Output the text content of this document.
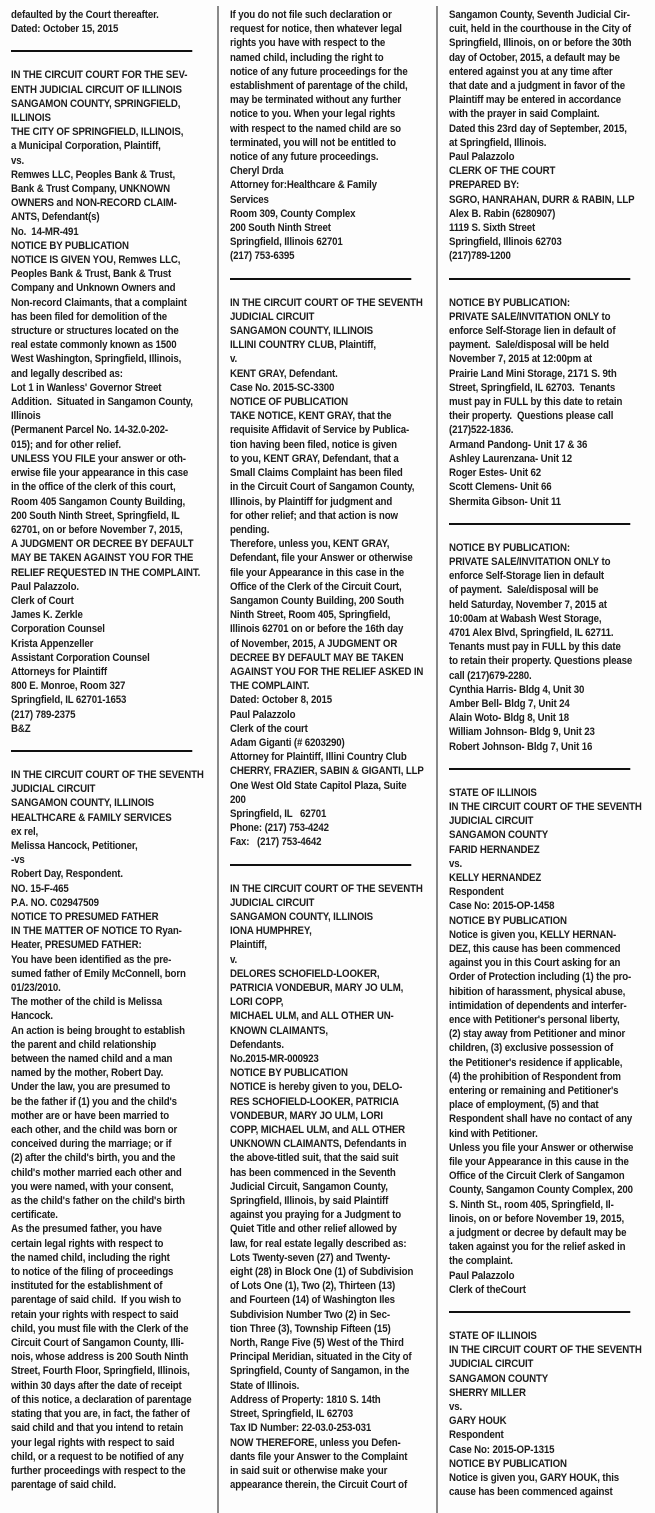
defaulted by the Court thereafter.
Dated: October 15, 2015
IN THE CIRCUIT COURT FOR THE SEV-
ENTH JUDICIAL CIRCUIT OF ILLINOIS
SANGAMON COUNTY, SPRINGFIELD,
ILLINOIS
THE CITY OF SPRINGFIELD, ILLINOIS,
a Municipal Corporation, Plaintiff,
vs.
Remwes LLC, Peoples Bank & Trust,
Bank & Trust Company, UNKNOWN
OWNERS and NON-RECORD CLAIM-
ANTS, Defendant(s)
No.  14-MR-491
NOTICE BY PUBLICATION
NOTICE IS GIVEN YOU, Remwes LLC,
Peoples Bank & Trust, Bank & Trust
Company and Unknown Owners and
Non-record Claimants, that a complaint
has been filed for demolition of the
structure or structures located on the
real estate commonly known as 1500
West Washington, Springfield, Illinois,
and legally described as:
Lot 1 in Wanless' Governor Street
Addition.  Situated in Sangamon County,
Illinois
(Permanent Parcel No. 14-32.0-202-
015); and for other relief.
UNLESS YOU FILE your answer or oth-
erwise file your appearance in this case
in the office of the clerk of this court,
Room 405 Sangamon County Building,
200 South Ninth Street, Springfield, IL
62701, on or before November 7, 2015,
A JUDGMENT OR DECREE BY DEFAULT
MAY BE TAKEN AGAINST YOU FOR THE
RELIEF REQUESTED IN THE COMPLAINT.
Paul Palazzolo.
Clerk of Court
James K. Zerkle
Corporation Counsel
Krista Appenzeller
Assistant Corporation Counsel
Attorneys for Plaintiff
800 E. Monroe, Room 327
Springfield, IL 62701-1653
(217) 789-2375
B&Z
IN THE CIRCUIT COURT OF THE SEVENTH
JUDICIAL CIRCUIT
SANGAMON COUNTY, ILLINOIS
HEALTHCARE & FAMILY SERVICES
ex rel,
Melissa Hancock, Petitioner,
-vs
Robert Day, Respondent.
NO. 15-F-465
P.A. NO. C02947509
NOTICE TO PRESUMED FATHER
IN THE MATTER OF NOTICE TO Ryan-
Heater, PRESUMED FATHER:
You have been identified as the pre-
sumed father of Emily McConnell, born
01/23/2010.
The mother of the child is Melissa
Hancock.
An action is being brought to establish
the parent and child relationship
between the named child and a man
named by the mother, Robert Day.
Under the law, you are presumed to
be the father if (1) you and the child's
mother are or have been married to
each other, and the child was born or
conceived during the marriage; or if
(2) after the child's birth, you and the
child's mother married each other and
you were named, with your consent,
as the child's father on the child's birth
certificate.
As the presumed father, you have
certain legal rights with respect to
the named child, including the right
to notice of the filing of proceedings
instituted for the establishment of
parentage of said child.  If you wish to
retain your rights with respect to said
child, you must file with the Clerk of the
Circuit Court of Sangamon County, Illi-
nois, whose address is 200 South Ninth
Street, Fourth Floor, Springfield, Illinois,
within 30 days after the date of receipt
of this notice, a declaration of parentage
stating that you are, in fact, the father of
said child and that you intend to retain
your legal rights with respect to said
child, or a request to be notified of any
further proceedings with respect to the
parentage of said child.
If you do not file such declaration or
request for notice, then whatever legal
rights you have with respect to the
named child, including the right to
notice of any future proceedings for the
establishment of parentage of the child,
may be terminated without any further
notice to you. When your legal rights
with respect to the named child are so
terminated, you will not be entitled to
notice of any future proceedings.
Cheryl Drda
Attorney for:Healthcare & Family
Services
Room 309, County Complex
200 South Ninth Street
Springfield, Illinois 62701
(217) 753-6395
IN THE CIRCUIT COURT OF THE SEVENTH
JUDICIAL CIRCUIT
SANGAMON COUNTY, ILLINOIS
ILLINI COUNTRY CLUB, Plaintiff,
v.
KENT GRAY, Defendant.
Case No. 2015-SC-3300
NOTICE OF PUBLICATION
TAKE NOTICE, KENT GRAY, that the
requisite Affidavit of Service by Publica-
tion having been filed, notice is given
to you, KENT GRAY, Defendant, that a
Small Claims Complaint has been filed
in the Circuit Court of Sangamon County,
Illinois, by Plaintiff for judgment and
for other relief; and that action is now
pending.
Therefore, unless you, KENT GRAY,
Defendant, file your Answer or otherwise
file your Appearance in this case in the
Office of the Clerk of the Circuit Court,
Sangamon County Building, 200 South
Ninth Street, Room 405, Springfield,
Illinois 62701 on or before the 16th day
of November, 2015, A JUDGMENT OR
DECREE BY DEFAULT MAY BE TAKEN
AGAINST YOU FOR THE RELIEF ASKED IN
THE COMPLAINT.
Dated: October 8, 2015
Paul Palazzolo
Clerk of the court
Adam Giganti (# 6203290)
Attorney for Plaintiff, Illini Country Club
CHERRY, FRAZIER, SABIN & GIGANTI, LLP
One West Old State Capitol Plaza, Suite
200
Springfield, IL   62701
Phone: (217) 753-4242
Fax:   (217) 753-4642
IN THE CIRCUIT COURT OF THE SEVENTH
JUDICIAL CIRCUIT
SANGAMON COUNTY, ILLINOIS
IONA HUMPHREY,
Plaintiff,
v.
DELORES SCHOFIELD-LOOKER,
PATRICIA VONDEBUR, MARY JO ULM,
LORI COPP,
MICHAEL ULM, and ALL OTHER UN-
KNOWN CLAIMANTS,
Defendants.
No.2015-MR-000923
NOTICE BY PUBLICATION
NOTICE is hereby given to you, DELO-
RES SCHOFIELD-LOOKER, PATRICIA
VONDEBUR, MARY JO ULM, LORI
COPP, MICHAEL ULM, and ALL OTHER
UNKNOWN CLAIMANTS, Defendants in
the above-titled suit, that the said suit
has been commenced in the Seventh
Judicial Circuit, Sangamon County,
Springfield, Illinois, by said Plaintiff
against you praying for a Judgment to
Quiet Title and other relief allowed by
law, for real estate legally described as:
Lots Twenty-seven (27) and Twenty-
eight (28) in Block One (1) of Subdivision
of Lots One (1), Two (2), Thirteen (13)
and Fourteen (14) of Washington Iles
Subdivision Number Two (2) in Sec-
tion Three (3), Township Fifteen (15)
North, Range Five (5) West of the Third
Principal Meridian, situated in the City of
Springfield, County of Sangamon, in the
State of Illinois.
Address of Property: 1810 S. 14th
Street, Springfield, IL 62703
Tax ID Number: 22-03.0-253-031
NOW THEREFORE, unless you Defen-
dants file your Answer to the Complaint
in said suit or otherwise make your
appearance therein, the Circuit Court of
Sangamon County, Seventh Judicial Cir-
cuit, held in the courthouse in the City of
Springfield, Illinois, on or before the 30th
day of October, 2015, a default may be
entered against you at any time after
that date and a judgment in favor of the
Plaintiff may be entered in accordance
with the prayer in said Complaint.
Dated this 23rd day of September, 2015,
at Springfield, Illinois.
Paul Palazzolo
CLERK OF THE COURT
PREPARED BY:
SGRO, HANRAHAN, DURR & RABIN, LLP
Alex B. Rabin (6280907)
1119 S. Sixth Street
Springfield, Illinois 62703
(217)789-1200
NOTICE BY PUBLICATION:
PRIVATE SALE/INVITATION ONLY to
enforce Self-Storage lien in default of
payment.  Sale/disposal will be held
November 7, 2015 at 12:00pm at
Prairie Land Mini Storage, 2171 S. 9th
Street, Springfield, IL 62703.  Tenants
must pay in FULL by this date to retain
their property.  Questions please call
(217)522-1836.
Armand Pandong- Unit 17 & 36
Ashley Laurenzana- Unit 12
Roger Estes- Unit 62
Scott Clemens- Unit 66
Shermita Gibson- Unit 11
NOTICE BY PUBLICATION:
PRIVATE SALE/INVITATION ONLY to
enforce Self-Storage lien in default
of payment.  Sale/disposal will be
held Saturday, November 7, 2015 at
10:00am at Wabash West Storage,
4701 Alex Blvd, Springfield, IL 62711.
Tenants must pay in FULL by this date
to retain their property. Questions please
call (217)679-2280.
Cynthia Harris- Bldg 4, Unit 30
Amber Bell- Bldg 7, Unit 24
Alain Woto- Bldg 8, Unit 18
William Johnson- Bldg 9, Unit 23
Robert Johnson- Bldg 7, Unit 16
STATE OF ILLINOIS
IN THE CIRCUIT COURT OF THE SEVENTH
JUDICIAL CIRCUIT
SANGAMON COUNTY
FARID HERNANDEZ
vs.
KELLY HERNANDEZ
Respondent
Case No: 2015-OP-1458
NOTICE BY PUBLICATION
Notice is given you, KELLY HERNAN-
DEZ, this cause has been commenced
against you in this Court asking for an
Order of Protection including (1) the pro-
hibition of harassment, physical abuse,
intimidation of dependents and interfer-
ence with Petitioner's personal liberty,
(2) stay away from Petitioner and minor
children, (3) exclusive possession of
the Petitioner's residence if applicable,
(4) the prohibition of Respondent from
entering or remaining and Petitioner's
place of employment, (5) and that
Respondent shall have no contact of any
kind with Petitioner.
Unless you file your Answer or otherwise
file your Appearance in this cause in the
Office of the Circuit Clerk of Sangamon
County, Sangamon County Complex, 200
S. Ninth St., room 405, Springfield, Il-
linois, on or before November 19, 2015,
a judgment or decree by default may be
taken against you for the relief asked in
the complaint.
Paul Palazzolo
Clerk of theCourt
STATE OF ILLINOIS
IN THE CIRCUIT COURT OF THE SEVENTH
JUDICIAL CIRCUIT
SANGAMON COUNTY
SHERRY MILLER
vs.
GARY HOUK
Respondent
Case No: 2015-OP-1315
NOTICE BY PUBLICATION
Notice is given you, GARY HOUK, this
cause has been commenced against
